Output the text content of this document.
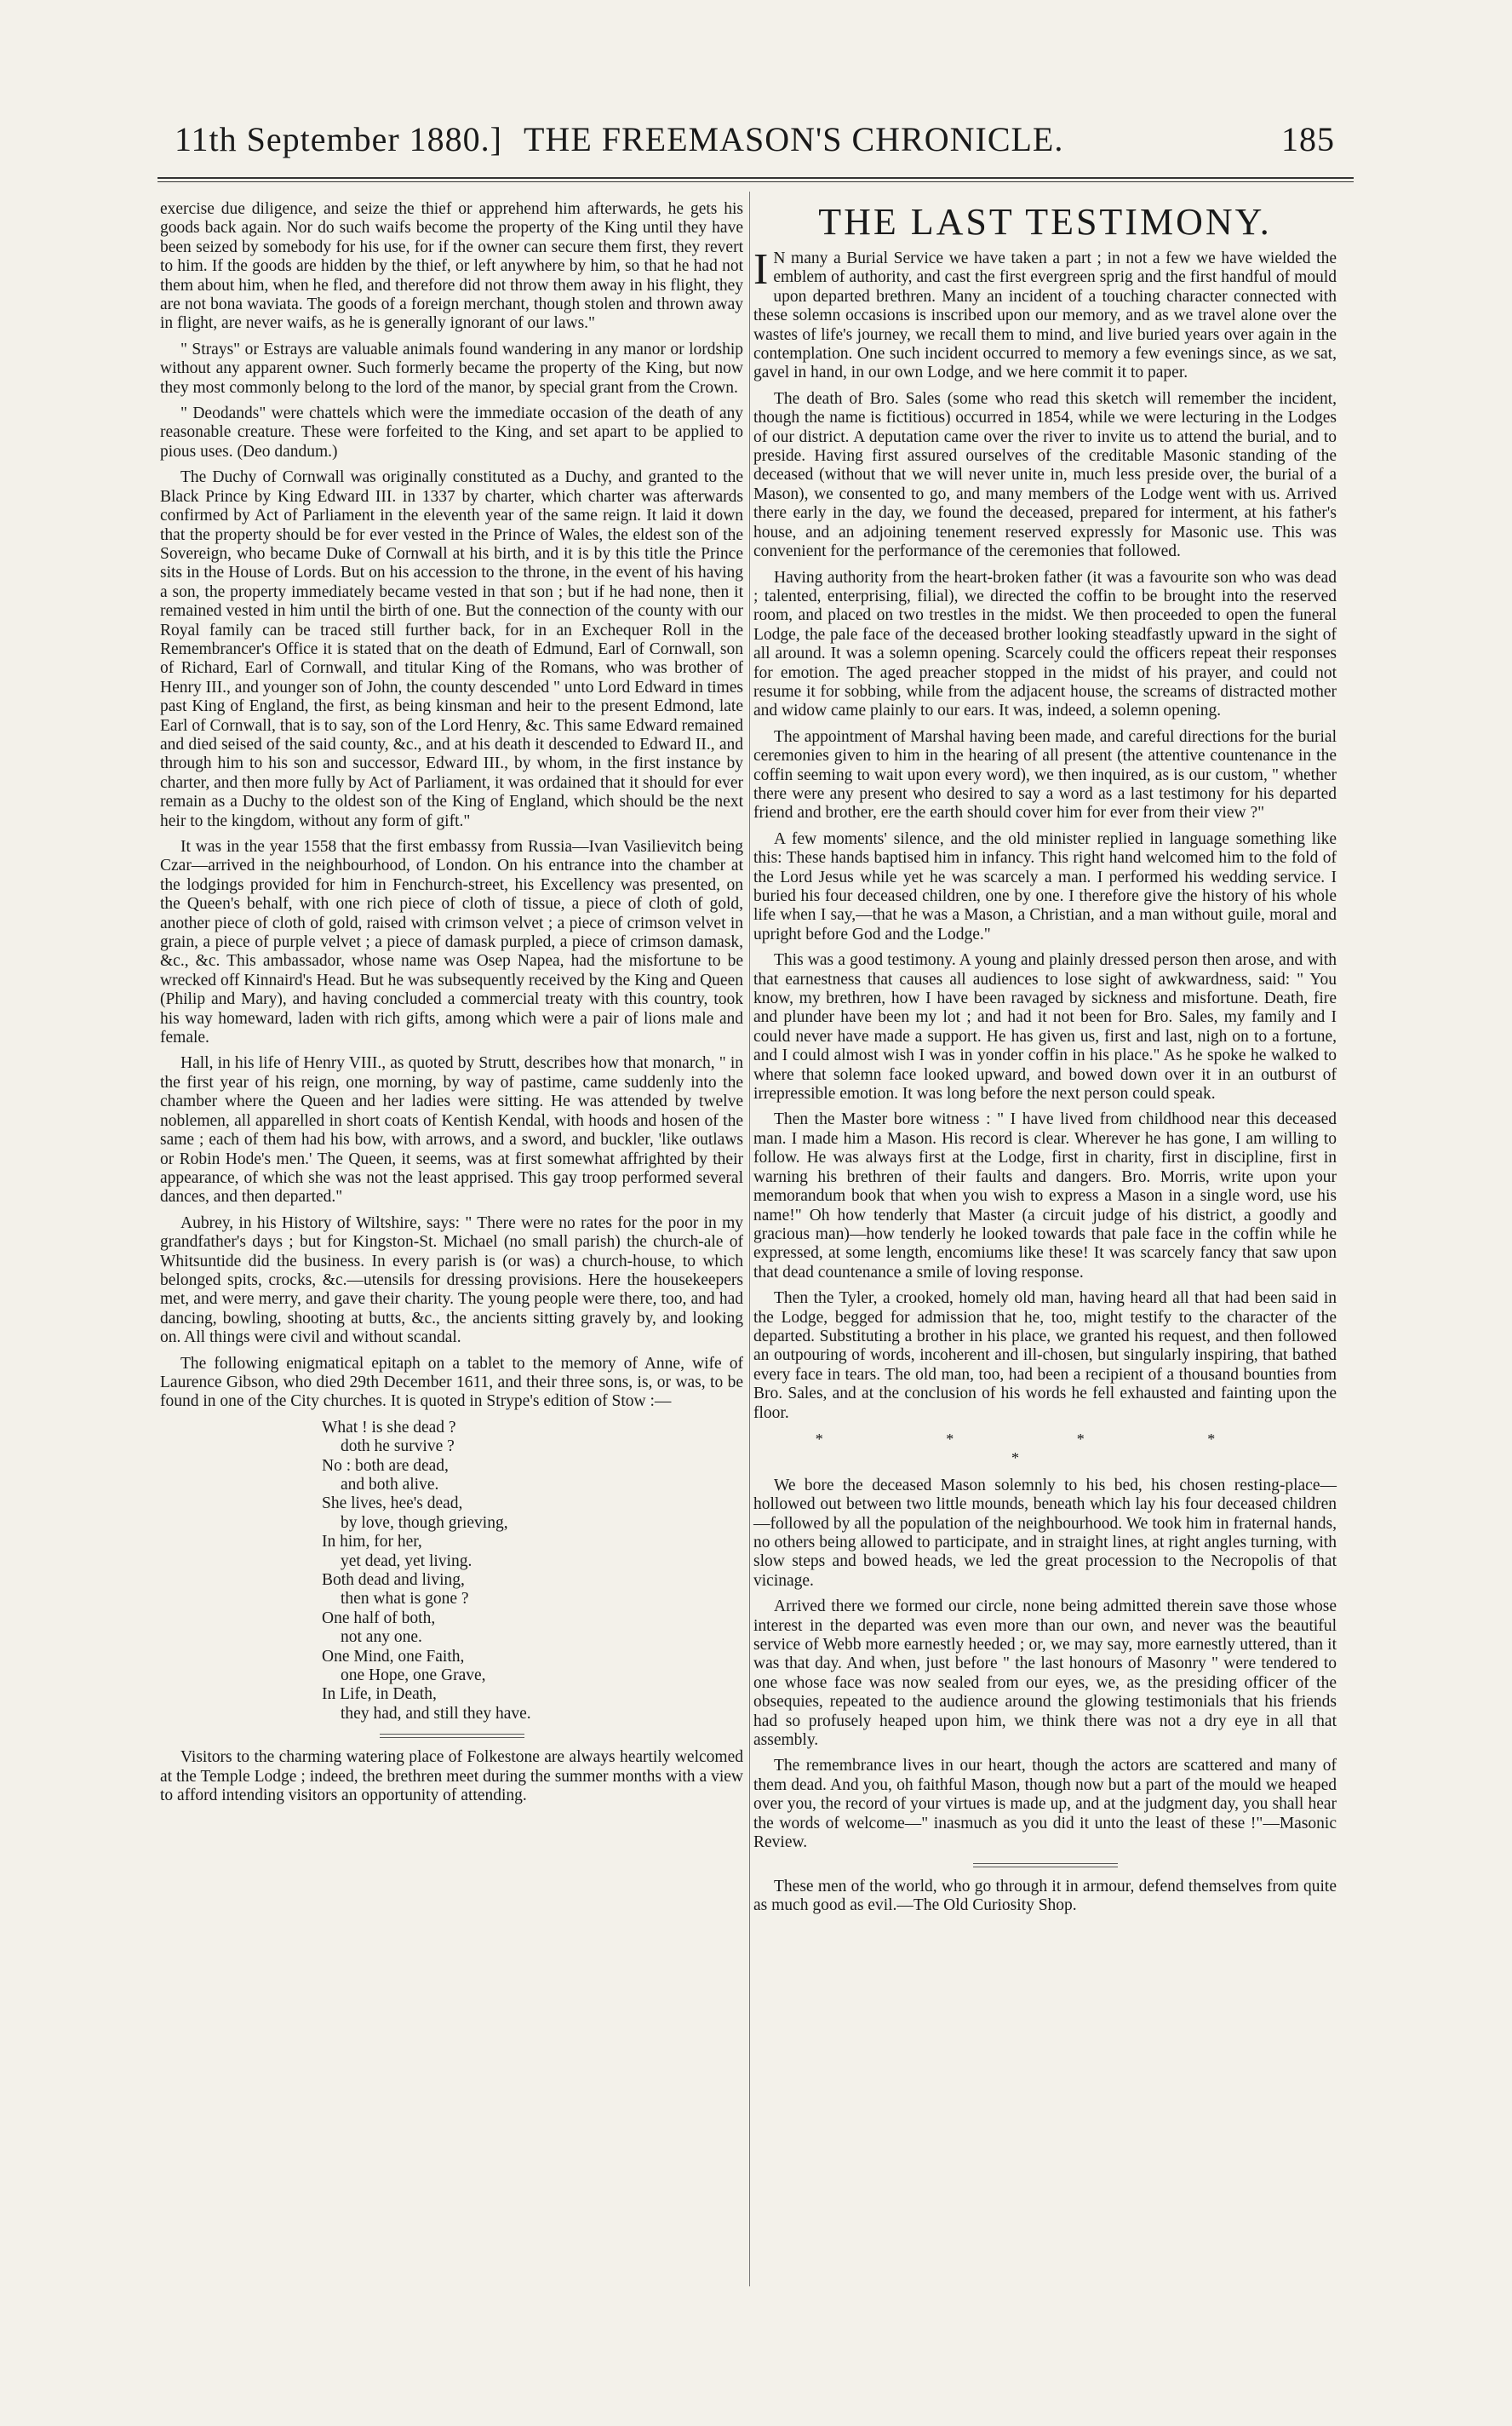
11th September 1880.] THE FREEMASON'S CHRONICLE.	185

exercise due diligence, and seize the thief or apprehend him afterwards, he gets his goods back again. Nor do such waifs become the property of the King until they have been seized by somebody for his use, for if the owner can secure them first, they revert to him. If the goods are hidden by the thief, or left anywhere by him, so that he had not them about him, when he fled, and therefore did not throw them away in his flight, they are not bona waviata. The goods of a foreign merchant, though stolen and thrown away in flight, are never waifs, as he is generally ignorant of our laws."

" Strays" or Estrays are valuable animals found wandering in any manor or lordship without any apparent owner. Such formerly became the property of the King, but now they most commonly belong to the lord of the manor, by special grant from the Crown.

" Deodands" were chattels which were the immediate occasion of the death of any reasonable creature. These were forfeited to the King, and set apart to be applied to pious uses. (Deo dandum.)

The Duchy of Cornwall was originally constituted as a Duchy, and granted to the Black Prince by King Edward III. in 1337 by charter, which charter was afterwards confirmed by Act of Parliament in the eleventh year of the same reign. It laid it down that the property should be for ever vested in the Prince of Wales, the eldest son of the Sovereign, who became Duke of Cornwall at his birth, and it is by this title the Prince sits in the House of Lords. But on his accession to the throne, in the event of his having a son, the property immediately became vested in that son ; but if he had none, then it remained vested in him until the birth of one. But the connection of the county with our Royal family can be traced still further back, for in an Exchequer Roll in the Remembrancer's Office it is stated that on the death of Edmund, Earl of Cornwall, son of Richard, Earl of Cornwall, and titular King of the Romans, who was brother of Henry III., and younger son of John, the county descended " unto Lord Edward in times past King of England, the first, as being kinsman and heir to the present Edmond, late Earl of Cornwall, that is to say, son of the Lord Henry, &c. This same Edward remained and died seised of the said county, &c., and at his death it descended to Edward II., and through him to his son and successor, Edward III., by whom, in the first instance by charter, and then more fully by Act of Parliament, it was ordained that it should for ever remain as a Duchy to the oldest son of the King of England, which should be the next heir to the kingdom, without any form of gift."

It was in the year 1558 that the first embassy from Russia—Ivan Vasilievitch being Czar—arrived in the neighbourhood, of London. On his entrance into the chamber at the lodgings provided for him in Fenchurch-street, his Excellency was presented, on the Queen's behalf, with one rich piece of cloth of tissue, a piece of cloth of gold, another piece of cloth of gold, raised with crimson velvet ; a piece of crimson velvet in grain, a piece of purple velvet ; a piece of damask purpled, a piece of crimson damask, &c., &c. This ambassador, whose name was Osep Napea, had the misfortune to be wrecked off Kinnaird's Head. But he was subsequently received by the King and Queen (Philip and Mary), and having concluded a commercial treaty with this country, took his way homeward, laden with rich gifts, among which were a pair of lions male and female.

Hall, in his life of Henry VIII., as quoted by Strutt, describes how that monarch, " in the first year of his reign, one morning, by way of pastime, came suddenly into the chamber where the Queen and her ladies were sitting. He was attended by twelve noblemen, all apparelled in short coats of Kentish Kendal, with hoods and hosen of the same ; each of them had his bow, with arrows, and a sword, and buckler, 'like outlaws or Robin Hode's men.' The Queen, it seems, was at first somewhat affrighted by their appearance, of which she was not the least apprised. This gay troop performed several dances, and then departed."

Aubrey, in his History of Wiltshire, says: " There were no rates for the poor in my grandfather's days ; but for Kingston-St. Michael (no small parish) the church-ale of Whitsuntide did the business. In every parish is (or was) a church-house, to which belonged spits, crocks, &c.—utensils for dressing provisions. Here the housekeepers met, and were merry, and gave their charity. The young people were there, too, and had dancing, bowling, shooting at butts, &c., the ancients sitting gravely by, and looking on. All things were civil and without scandal.

The following enigmatical epitaph on a tablet to the memory of Anne, wife of Laurence Gibson, who died 29th December 1611, and their three sons, is, or was, to be found in one of the City churches. It is quoted in Strype's edition of Stow :—

What ! is she dead ?
doth he survive ?
No : both are dead,
and both alive.
She lives, hee's dead,
by love, though grieving,
In him, for her,
yet dead, yet living.
Both dead and living,
then what is gone ?
One half of both,
not any one.
One Mind, one Faith,
one Hope, one Grave,
In Life, in Death,
they had, and still they have.

Visitors to the charming watering place of Folkestone are always heartily welcomed at the Temple Lodge ; indeed, the brethren meet during the summer months with a view to afford intending visitors an opportunity of attending.

THE LAST TESTIMONY.

I N many a Burial Service we have taken a part ; in not a few we have wielded the emblem of authority, and cast the first evergreen sprig and the first handful of mould upon departed brethren. Many an incident of a touching character connected with these solemn occasions is inscribed upon our memory, and as we travel alone over the wastes of life's journey, we recall them to mind, and live buried years over again in the contemplation. One such incident occurred to memory a few evenings since, as we sat, gavel in hand, in our own Lodge, and we here commit it to paper.

The death of Bro. Sales (some who read this sketch will remember the incident, though the name is fictitious) occurred in 1854, while we were lecturing in the Lodges of our district. A deputation came over the river to invite us to attend the burial, and to preside. Having first assured ourselves of the creditable Masonic standing of the deceased (without that we will never unite in, much less preside over, the burial of a Mason), we consented to go, and many members of the Lodge went with us. Arrived there early in the day, we found the deceased, prepared for interment, at his father's house, and an adjoining tenement reserved expressly for Masonic use. This was convenient for the performance of the ceremonies that followed.

Having authority from the heart-broken father (it was a favourite son who was dead ; talented, enterprising, filial), we directed the coffin to be brought into the reserved room, and placed on two trestles in the midst. We then proceeded to open the funeral Lodge, the pale face of the deceased brother looking steadfastly upward in the sight of all around. It was a solemn opening. Scarcely could the officers repeat their responses for emotion. The aged preacher stopped in the midst of his prayer, and could not resume it for sobbing, while from the adjacent house, the screams of distracted mother and widow came plainly to our ears. It was, indeed, a solemn opening.

The appointment of Marshal having been made, and careful directions for the burial ceremonies given to him in the hearing of all present (the attentive countenance in the coffin seeming to wait upon every word), we then inquired, as is our custom, " whether there were any present who desired to say a word as a last testimony for his departed friend and brother, ere the earth should cover him for ever from their view ?"

A few moments' silence, and the old minister replied in language something like this: These hands baptised him in infancy. This right hand welcomed him to the fold of the Lord Jesus while yet he was scarcely a man. I performed his wedding service. I buried his four deceased children, one by one. I therefore give the history of his whole life when I say,—that he was a Mason, a Christian, and a man without guile, moral and upright before God and the Lodge."

This was a good testimony. A young and plainly dressed person then arose, and with that earnestness that causes all audiences to lose sight of awkwardness, said: " You know, my brethren, how I have been ravaged by sickness and misfortune. Death, fire and plunder have been my lot ; and had it not been for Bro. Sales, my family and I could never have made a support. He has given us, first and last, nigh on to a fortune, and I could almost wish I was in yonder coffin in his place." As he spoke he walked to where that solemn face looked upward, and bowed down over it in an outburst of irrepressible emotion. It was long before the next person could speak.

Then the Master bore witness : " I have lived from childhood near this deceased man. I made him a Mason. His record is clear. Wherever he has gone, I am willing to follow. He was always first at the Lodge, first in charity, first in discipline, first in warning his brethren of their faults and dangers. Bro. Morris, write upon your memorandum book that when you wish to express a Mason in a single word, use his name!" Oh how tenderly that Master (a circuit judge of his district, a goodly and gracious man)—how tenderly he looked towards that pale face in the coffin while he expressed, at some length, encomiums like these! It was scarcely fancy that saw upon that dead countenance a smile of loving response.

Then the Tyler, a crooked, homely old man, having heard all that had been said in the Lodge, begged for admission that he, too, might testify to the character of the departed. Substituting a brother in his place, we granted his request, and then followed an outpouring of words, incoherent and ill-chosen, but singularly inspiring, that bathed every face in tears. The old man, too, had been a recipient of a thousand bounties from Bro. Sales, and at the conclusion of his words he fell exhausted and fainting upon the floor.

* * * * *

We bore the deceased Mason solemnly to his bed, his chosen resting-place—hollowed out between two little mounds, beneath which lay his four deceased children—followed by all the population of the neighbourhood. We took him in fraternal hands, no others being allowed to participate, and in straight lines, at right angles turning, with slow steps and bowed heads, we led the great procession to the Necropolis of that vicinage.

Arrived there we formed our circle, none being admitted therein save those whose interest in the departed was even more than our own, and never was the beautiful service of Webb more earnestly heeded ; or, we may say, more earnestly uttered, than it was that day. And when, just before " the last honours of Masonry " were tendered to one whose face was now sealed from our eyes, we, as the presiding officer of the obsequies, repeated to the audience around the glowing testimonials that his friends had so profusely heaped upon him, we think there was not a dry eye in all that assembly.

The remembrance lives in our heart, though the actors are scattered and many of them dead. And you, oh faithful Mason, though now but a part of the mould we heaped over you, the record of your virtues is made up, and at the judgment day, you shall hear the words of welcome—" inasmuch as you did it unto the least of these !"—Masonic Review.

These men of the world, who go through it in armour, defend themselves from quite as much good as evil.—The Old Curiosity Shop.
